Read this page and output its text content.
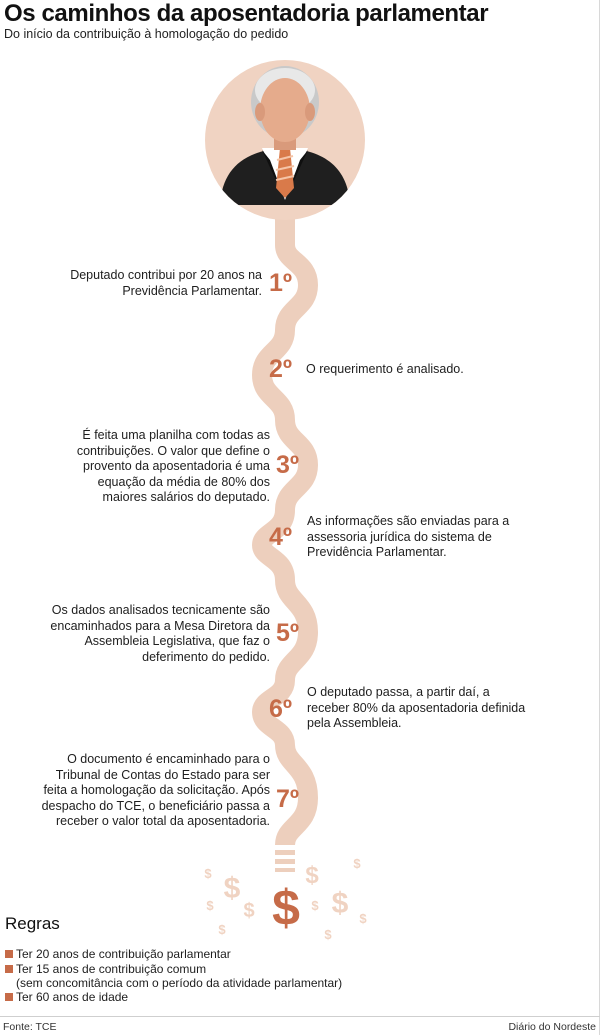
Os caminhos da aposentadoria parlamentar
Do início da contribuição à homologação do pedido
$
$	$
$
$
$
$
$
$
$
$
$
1º
Deputado contribui por 20 anos na Previdência Parlamentar.
2º O requerimento é analisado.
3º
É feita uma planilha com todas as contribuições. O valor que define o provento da aposentadoria é uma equação da média de 80% dos maiores salários do deputado.
4º
As informações são enviadas para a assessoria jurídica do sistema de Previdência Parlamentar.
5º
Os dados analisados tecnicamente são encaminhados para a Mesa Diretora da Assembleia Legislativa, que faz o deferimento do pedido.
6º
O deputado passa, a partir daí, a receber 80% da aposentadoria definida pela Assembleia.
7º
O documento é encaminhado para o Tribunal de Contas do Estado para ser feita a homologação da solicitação. Após despacho do TCE, o beneficiário passa a receber o valor total da aposentadoria.
Regras
Ter 20 anos de contribuição parlamentar
Ter 15 anos de contribuição comum
(sem concomitância com o período da atividade parlamentar)
Ter 60 anos de idade
Fonte: TCE	Diário do Nordeste
